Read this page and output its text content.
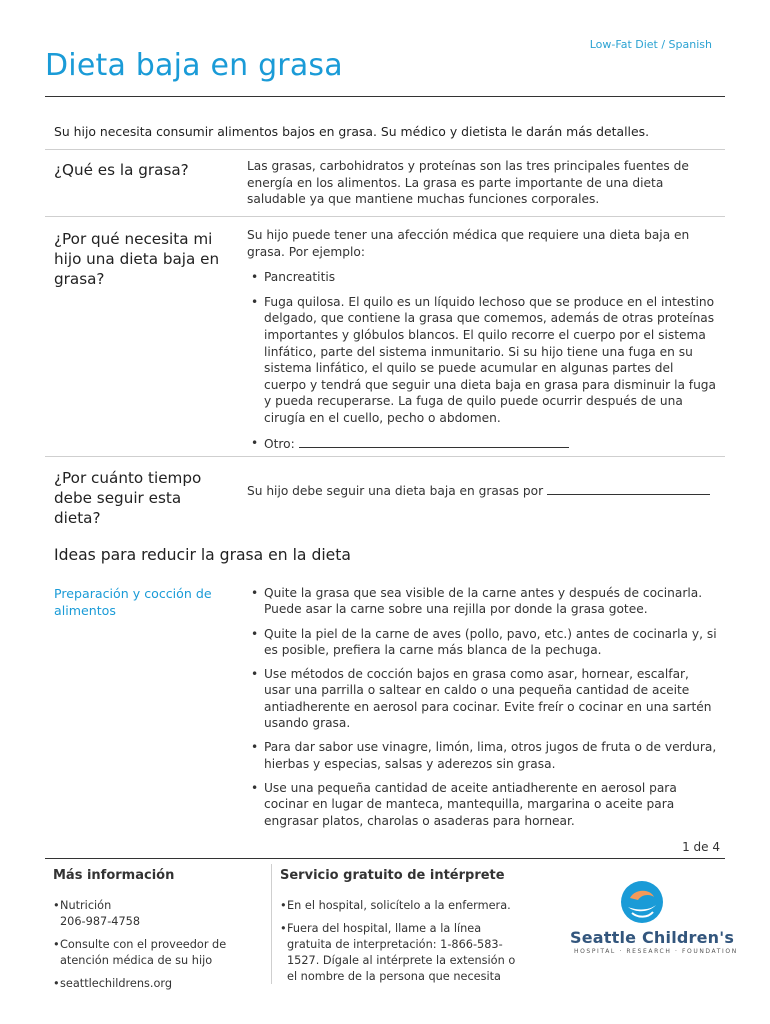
Low-Fat Diet / Spanish
Dieta baja en grasa
Su hijo necesita consumir alimentos bajos en grasa. Su médico y dietista le darán más detalles.
¿Qué es la grasa?	Las grasas, carbohidratos y proteínas son las tres principales fuentes de energía en los alimentos. La grasa es parte importante de una dieta saludable ya que mantiene muchas funciones corporales.
¿Por qué necesita mi hijo una dieta baja en grasa?
Su hijo puede tener una afección médica que requiere una dieta baja en grasa. Por ejemplo:
• Pancreatitis
• Fuga quilosa. El quilo es un líquido lechoso que se produce en el intestino delgado, que contiene la grasa que comemos, además de otras proteínas importantes y glóbulos blancos. El quilo recorre el cuerpo por el sistema linfático, parte del sistema inmunitario. Si su hijo tiene una fuga en su sistema linfático, el quilo se puede acumular en algunas partes del cuerpo y tendrá que seguir una dieta baja en grasa para disminuir la fuga y pueda recuperarse. La fuga de quilo puede ocurrir después de una cirugía en el cuello, pecho o abdomen.
• Otro:
¿Por cuánto tiempo debe seguir esta dieta?
Su hijo debe seguir una dieta baja en grasas por
Ideas para reducir la grasa en la dieta
Preparación y cocción de alimentos
• Quite la grasa que sea visible de la carne antes y después de cocinarla. Puede asar la carne sobre una rejilla por donde la grasa gotee.
• Quite la piel de la carne de aves (pollo, pavo, etc.) antes de cocinarla y, si es posible, prefiera la carne más blanca de la pechuga.
• Use métodos de cocción bajos en grasa como asar, hornear, escalfar, usar una parrilla o saltear en caldo o una pequeña cantidad de aceite antiadherente en aerosol para cocinar. Evite freír o cocinar en una sartén usando grasa.
• Para dar sabor use vinagre, limón, lima, otros jugos de fruta o de verdura, hierbas y especias, salsas y aderezos sin grasa.
• Use una pequeña cantidad de aceite antiadherente en aerosol para cocinar en lugar de manteca, mantequilla, margarina o aceite para engrasar platos, charolas o asaderas para hornear.
1 de 4
Más información
• Nutrición
206-987-4758
• Consulte con el proveedor de atención médica de su hijo
• seattlechildrens.org
Servicio gratuito de intérprete
• En el hospital, solicítelo a la enfermera.
• Fuera del hospital, llame a la línea gratuita de interpretación: 1-866-583-1527. Dígale al intérprete la extensión o el nombre de la persona que necesita
Seattle Children's
HOSPITAL · RESEARCH · FOUNDATION
